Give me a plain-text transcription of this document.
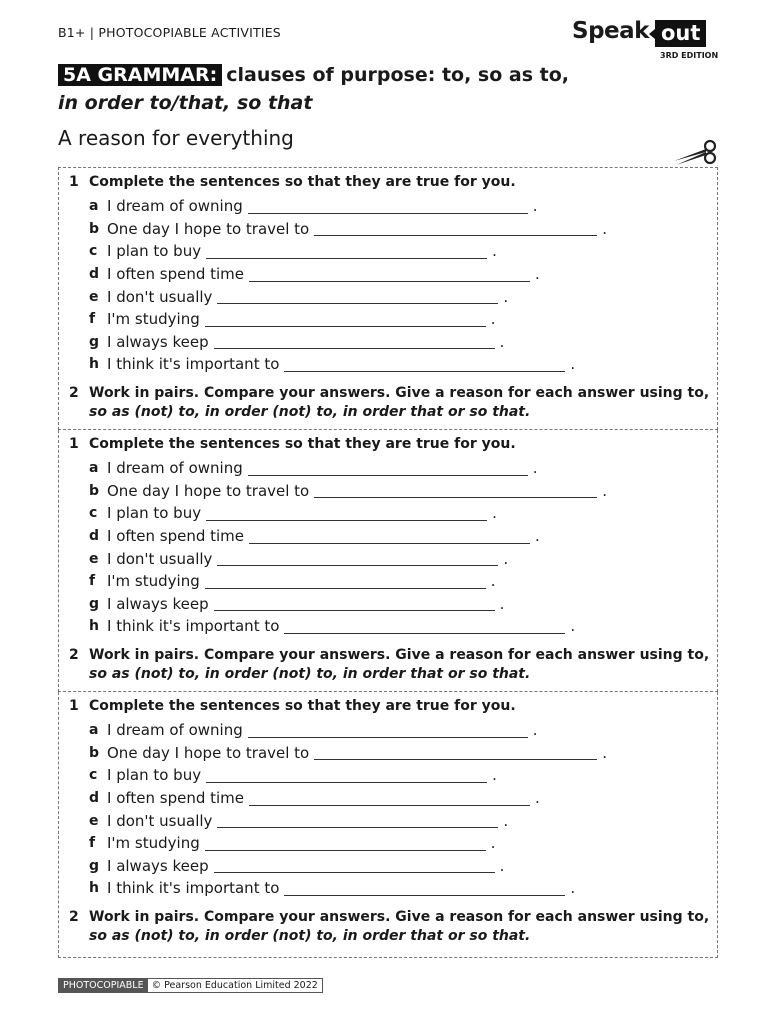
B1+ | PHOTOCOPIABLE ACTIVITIES	Speak out
3RD EDITION
5A GRAMMAR: clauses of purpose: to, so as to,
in order to/that, so that
A reason for everything
1 Complete the sentences so that they are true for you.
a I dream of owning	.
b One day I hope to travel to	.
c I plan to buy	.
d I often spend time	.
e I don't usually	.
f I'm studying	.
g I always keep	.
h I think it's important to	.
2 Work in pairs. Compare your answers. Give a reason for each answer using to,
so as (not) to, in order (not) to, in order that or so that.
1 Complete the sentences so that they are true for you.
a I dream of owning	.
b One day I hope to travel to	.
c I plan to buy	.
d I often spend time	.
e I don't usually	.
f I'm studying	.
g I always keep	.
h I think it's important to	.
2 Work in pairs. Compare your answers. Give a reason for each answer using to,
so as (not) to, in order (not) to, in order that or so that.
1 Complete the sentences so that they are true for you.
a I dream of owning	.
b One day I hope to travel to	.
c I plan to buy	.
d I often spend time	.
e I don't usually	.
f I'm studying	.
g I always keep	.
h I think it's important to	.
2 Work in pairs. Compare your answers. Give a reason for each answer using to,
so as (not) to, in order (not) to, in order that or so that.
PHOTOCOPIABLE © Pearson Education Limited 2022
